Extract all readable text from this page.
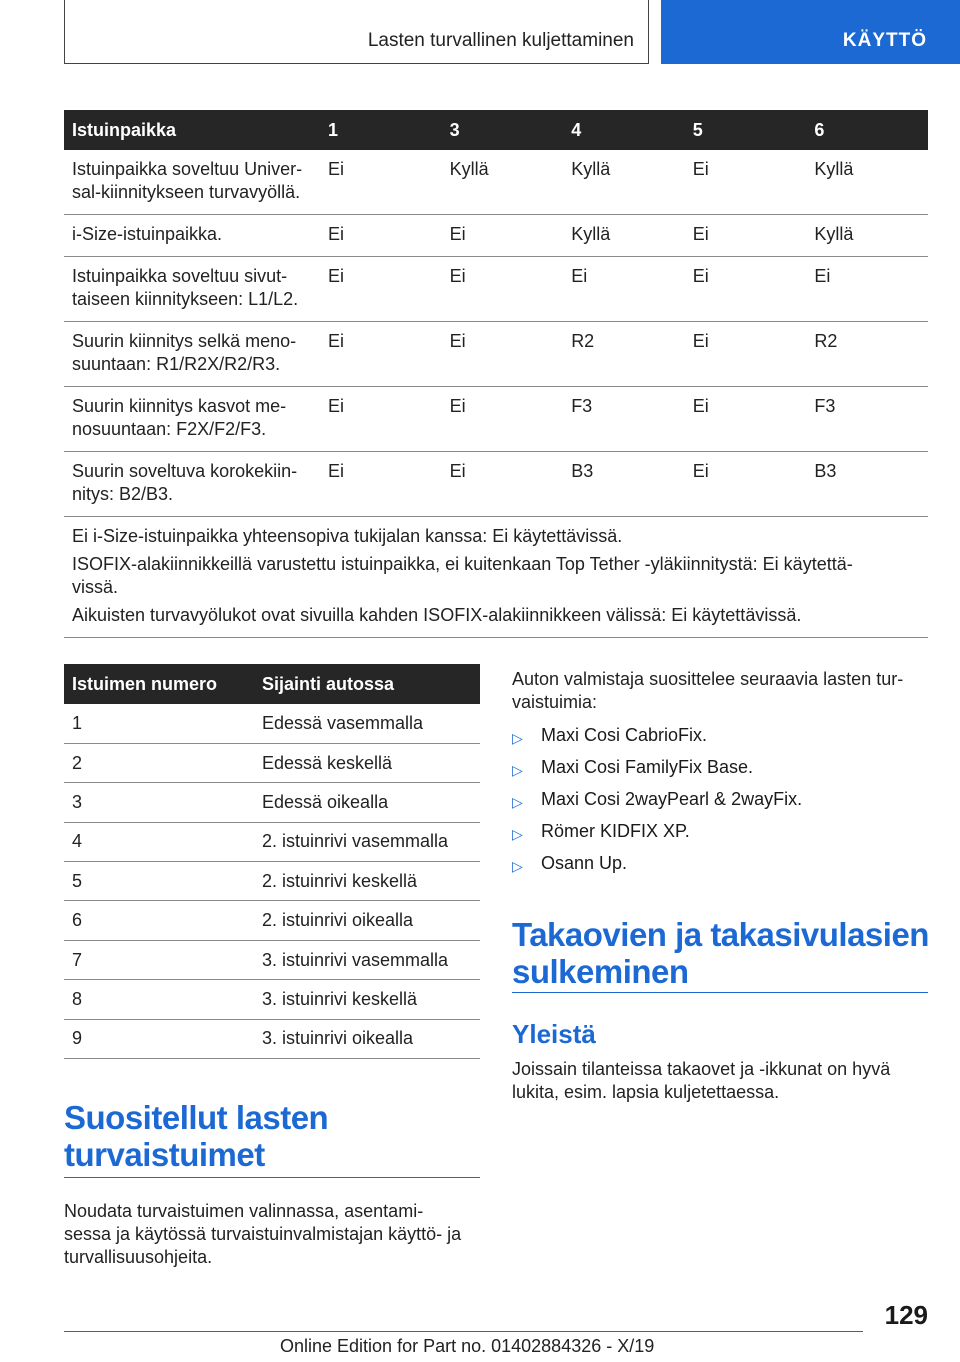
Lasten turvallinen kuljettaminen	KÄYTTÖ
Istuinpaikka	1	3	4	5	6
Istuinpaikka soveltuu Univer-
sal-kiinnitykseen turvavyöllä.	Ei	Kyllä	Kyllä	Ei	Kyllä
i-Size-istuinpaikka.	Ei	Ei	Kyllä	Ei	Kyllä
Istuinpaikka soveltuu sivut-
taiseen kiinnitykseen: L1/L2.	Ei	Ei	Ei	Ei	Ei
Suurin kiinnitys selkä meno-
suuntaan: R1/R2X/R2/R3.	Ei	Ei	R2	Ei	R2
Suurin kiinnitys kasvot me-
nosuuntaan: F2X/F2/F3.	Ei	Ei	F3	Ei	F3
Suurin soveltuva korokekiin-
nitys: B2/B3.	Ei	Ei	B3	Ei	B3

Ei i-Size-istuinpaikka yhteensopiva tukijalan kanssa: Ei käytettävissä.

ISOFIX-alakiinnikkeillä varustettu istuinpaikka, ei kuitenkaan Top Tether -yläkiinnitystä: Ei käytettä-
vissä.

Aikuisten turvavyölukot ovat sivuilla kahden ISOFIX-alakiinnikkeen välissä: Ei käytettävissä.					

Istuimen numero	Sijainti autossa
1	Edessä vasemmalla
2	Edessä keskellä
3	Edessä oikealla
4	2. istuinrivi vasemmalla
5	2. istuinrivi keskellä
6	2. istuinrivi oikealla
7	3. istuinrivi vasemmalla
8	3. istuinrivi keskellä
9	3. istuinrivi oikealla
Suositellut lasten
turvaistuimet
Noudata turvaistuimen valinnassa, asentami-
sessa ja käytössä turvaistuinvalmistajan käyttö- ja
turvallisuusohjeita.
Auton valmistaja suosittelee seuraavia lasten tur-
vaistuimia:
▷ Maxi Cosi CabrioFix.
▷ Maxi Cosi FamilyFix Base.
▷ Maxi Cosi 2wayPearl & 2wayFix.
▷ Römer KIDFIX XP.
▷ Osann Up.
Takaovien ja takasivulasien
sulkeminen
Yleistä
Joissain tilanteissa takaovet ja -ikkunat on hyvä
lukita, esim. lapsia kuljetettaessa.
129
Online Edition for Part no. 01402884326 - X/19
